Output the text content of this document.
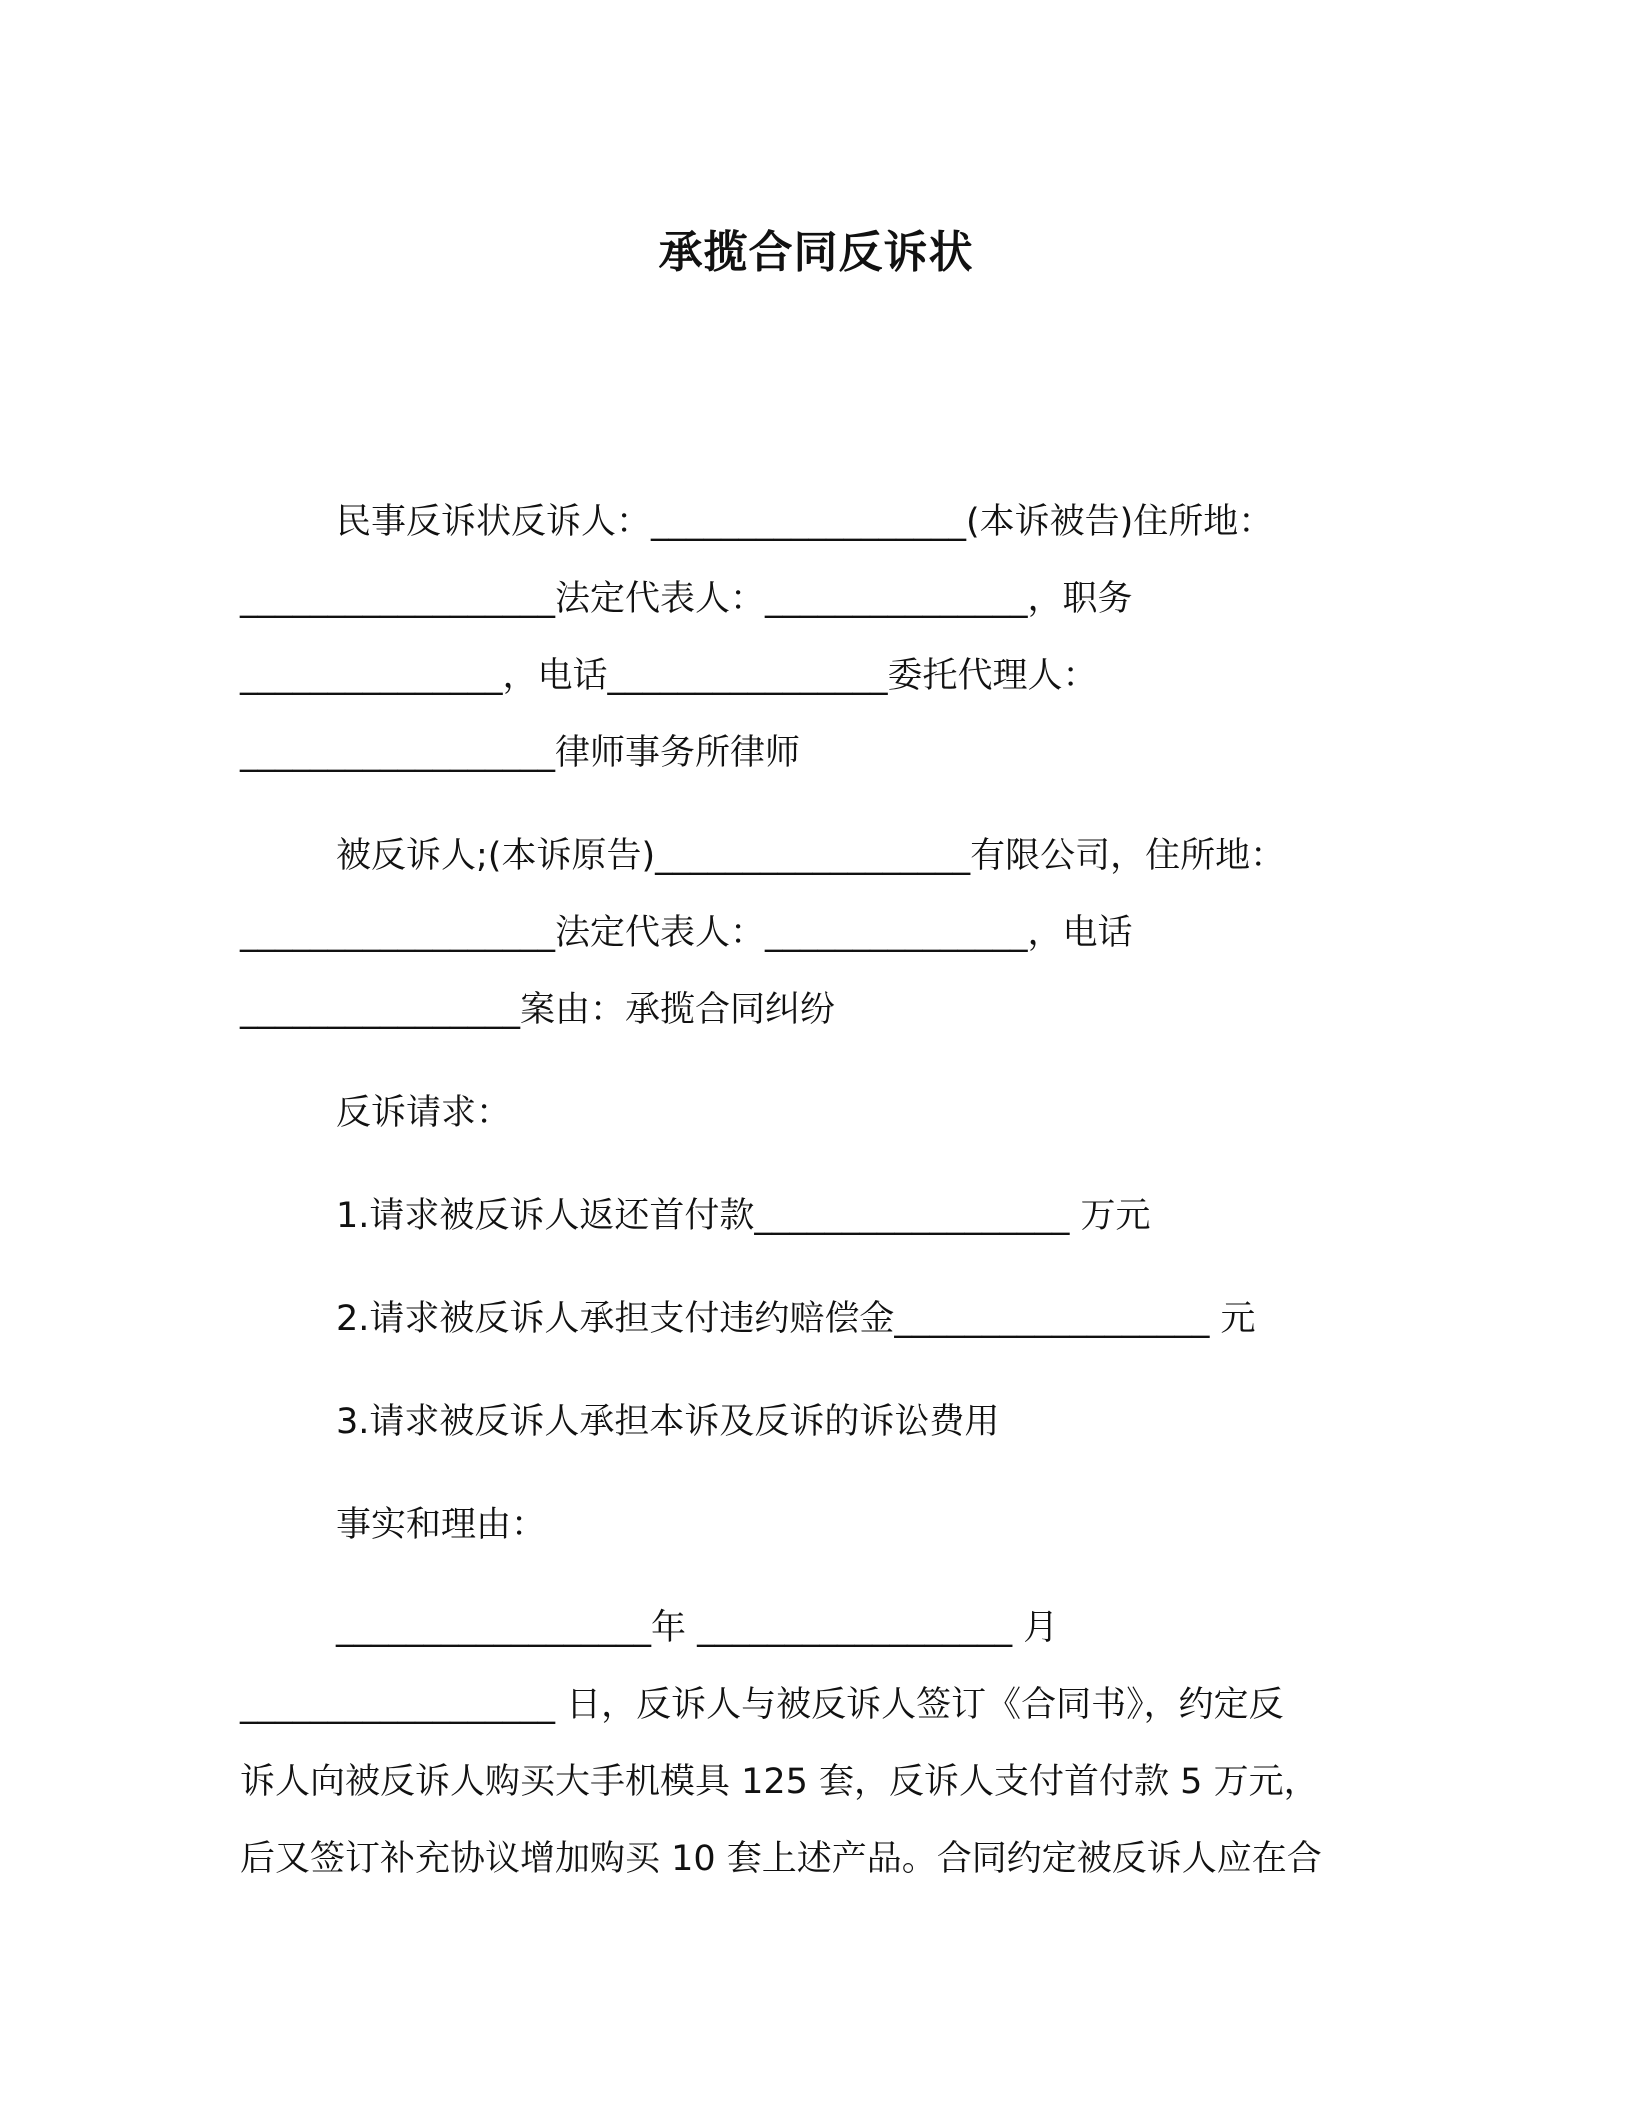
承揽合同反诉状

民事反诉状反诉人：__________________(本诉被告)住所地：

__________________法定代表人：_______________，职务

_______________，电话________________委托代理人：

__________________律师事务所律师

被反诉人;(本诉原告)__________________有限公司，住所地：

__________________法定代表人：_______________，电话

________________案由：承揽合同纠纷

反诉请求：

1.请求被反诉人返还首付款__________________ 万元

2.请求被反诉人承担支付违约赔偿金__________________ 元

3.请求被反诉人承担本诉及反诉的诉讼费用

事实和理由：

__________________年 __________________ 月

__________________ 日，反诉人与被反诉人签订《合同书》，约定反

诉人向被反诉人购买大手机模具 125 套，反诉人支付首付款 5 万元，

后又签订补充协议增加购买 10 套上述产品。合同约定被反诉人应在合
